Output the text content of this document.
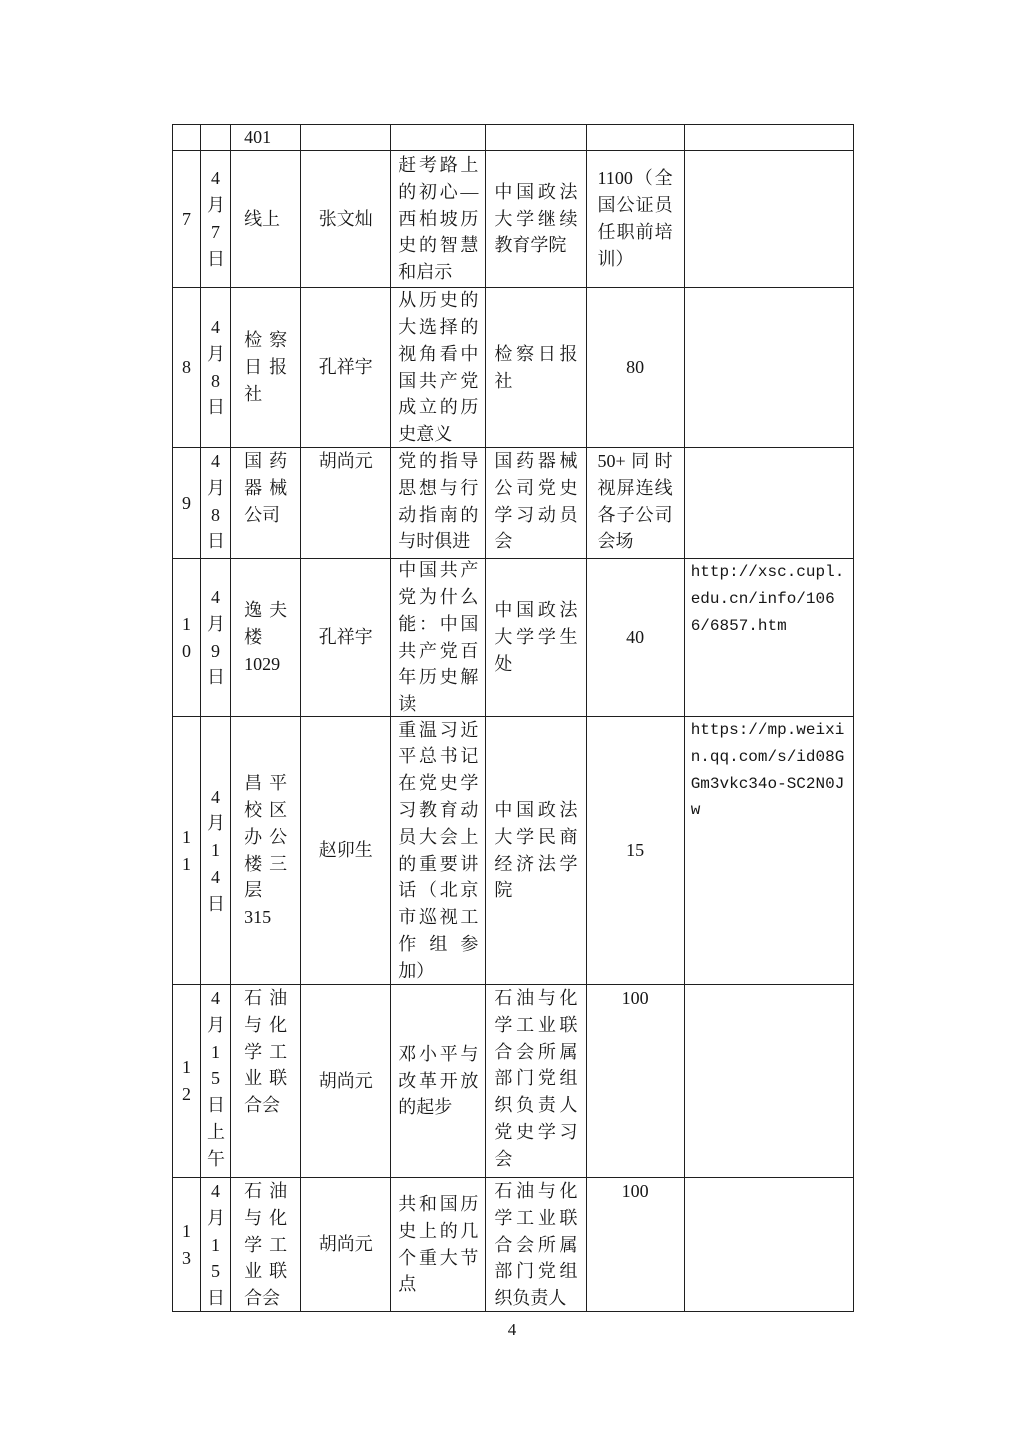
401					

7	4月7日	线上	张文灿	赶考路上的初心—西柏坡历史的智慧和启示	中国政法大学继续教育学院	1100（全国公证员任职前培训）	

8	4月8日	检察日报社	孔祥宇	从历史的大选择的视角看中国共产党成立的历史意义	检察日报社	80	

9	4月8日	国药器械公司	胡尚元	党的指导思想与行动指南的与时俱进	国药器械公司党史学习动员会	50+同时视屏连线各子公司会场	

10	4月9日	逸夫楼1029	孔祥宇	中国共产党为什么能：中国共产党百年历史解读	中国政法大学学生处	40	http://xsc.cupl.edu.cn/info/1066/6857.htm

11	4月14日	昌平校区办公楼三层315	赵卯生	重温习近平总书记在党史学习教育动员大会上的重要讲话（北京市巡视工作组参加）	中国政法大学民商经济法学院	15	https://mp.weixin.qq.com/s/id08GGm3vkc34o-SC2N0Jw

12	4月15日上午	石油与化学工业联合会	胡尚元	邓小平与改革开放的起步	石油与化学工业联合会所属部门党组织负责人党史学习会	100	

13	4月15日	石油与化学工业联合会	胡尚元	共和国历史上的几个重大节点	石油与化学工业联合会所属部门党组织负责人	100	

4
